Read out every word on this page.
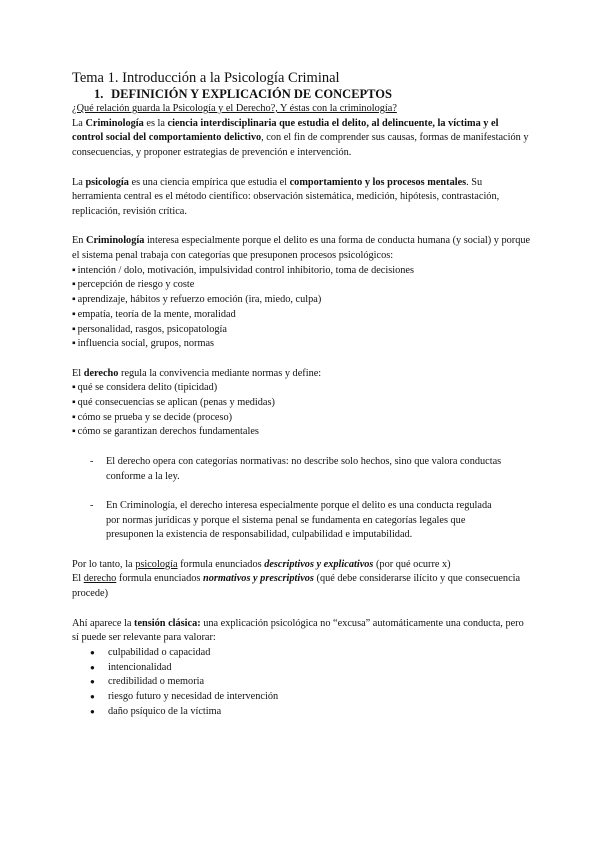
Tema 1. Introducción a la Psicología Criminal
1. DEFINICIÓN Y EXPLICACIÓN DE CONCEPTOS

¿Qué relación guarda la Psicología y el Derecho?, Y éstas con la criminología?

La Criminología es la ciencia interdisciplinaria que estudia el delito, al delincuente, la víctima y el control social del comportamiento delictivo, con el fin de comprender sus causas, formas de manifestación y consecuencias, y proponer estrategias de prevención e intervención.

La psicología es una ciencia empírica que estudia el comportamiento y los procesos mentales. Su herramienta central es el método científico: observación sistemática, medición, hipótesis, contrastación, replicación, revisión crítica.

En Criminología interesa especialmente porque el delito es una forma de conducta humana (y social) y porque el sistema penal trabaja con categorías que presuponen procesos psicológicos:

▪ intención / dolo, motivación, impulsividad control inhibitorio, toma de decisiones
▪ percepción de riesgo y coste
▪ aprendizaje, hábitos y refuerzo emoción (ira, miedo, culpa)
▪ empatía, teoría de la mente, moralidad
▪ personalidad, rasgos, psicopatología
▪ influencia social, grupos, normas

El derecho regula la convivencia mediante normas y define:

▪ qué se considera delito (tipicidad)
▪ qué consecuencias se aplican (penas y medidas)
▪ cómo se prueba y se decide (proceso)
▪ cómo se garantizan derechos fundamentales
-	El derecho opera con categorías normativas: no describe solo hechos, sino que valora conductas conforme a la ley.
-	En Criminología, el derecho interesa especialmente porque el delito es una conducta regulada por normas jurídicas y porque el sistema penal se fundamenta en categorías legales que presuponen la existencia de responsabilidad, culpabilidad e imputabilidad.

Por lo tanto, la psicología formula enunciados descriptivos y explicativos (por qué ocurre x)

El derecho formula enunciados normativos y prescriptivos (qué debe considerarse ilícito y que consecuencia procede)

Ahí aparece la tensión clásica: una explicación psicológica no “excusa” automáticamente una conducta, pero sí puede ser relevante para valorar:

●	culpabilidad o capacidad
●	intencionalidad
●	credibilidad o memoria
●	riesgo futuro y necesidad de intervención
●	daño psíquico de la víctima
